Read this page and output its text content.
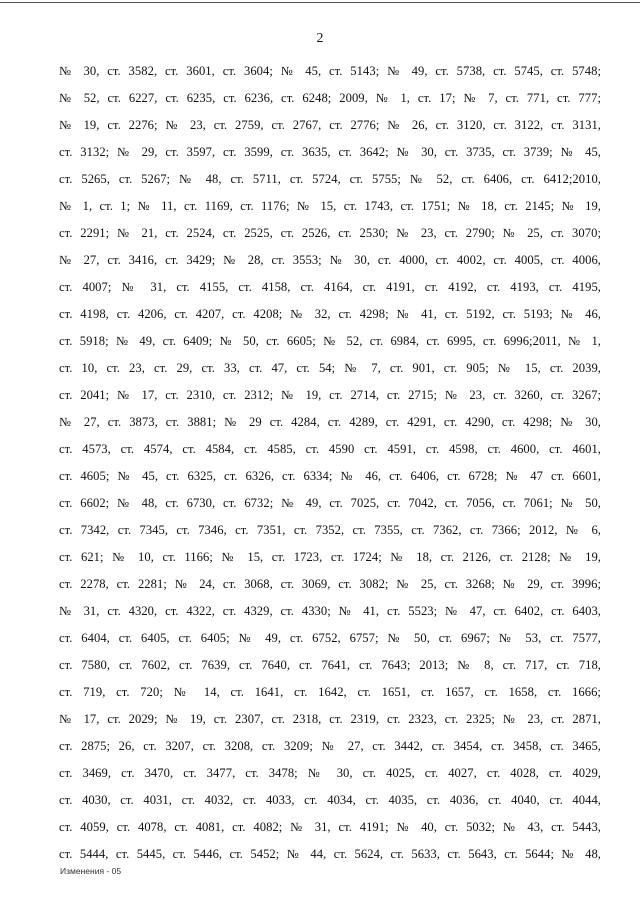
2
№ 30, ст. 3582, ст. 3601, ст. 3604; № 45, ст. 5143; № 49, ст. 5738, ст. 5745, ст. 5748;
№ 52, ст. 6227, ст. 6235, ст. 6236, ст. 6248; 2009, № 1, ст. 17; № 7, ст. 771, ст. 777;
№ 19, ст. 2276; № 23, ст. 2759, ст. 2767, ст. 2776; № 26, ст. 3120, ст. 3122, ст. 3131,
ст. 3132; № 29, ст. 3597, ст. 3599, ст. 3635, ст. 3642; № 30, ст. 3735, ст. 3739; № 45,
ст. 5265, ст. 5267; № 48, ст. 5711, ст. 5724, ст. 5755; № 52, ст. 6406, ст. 6412;2010,
№ 1, ст. 1; № 11, ст. 1169, ст. 1176; № 15, ст. 1743, ст. 1751; № 18, ст. 2145; № 19,
ст. 2291; № 21, ст. 2524, ст. 2525, ст. 2526, ст. 2530; № 23, ст. 2790; № 25, ст. 3070;
№ 27, ст. 3416, ст. 3429; № 28, ст. 3553; № 30, ст. 4000, ст. 4002, ст. 4005, ст. 4006,
ст. 4007; № 31, ст. 4155, ст. 4158, ст. 4164, ст. 4191, ст. 4192, ст. 4193, ст. 4195,
ст. 4198, ст. 4206, ст. 4207, ст. 4208; № 32, ст. 4298; № 41, ст. 5192, ст. 5193; № 46,
ст. 5918; № 49, ст. 6409; № 50, ст. 6605; № 52, ст. 6984, ст. 6995, ст. 6996;2011, № 1,
ст. 10, ст. 23, ст. 29, ст. 33, ст. 47, ст. 54; № 7, ст. 901, ст. 905; № 15, ст. 2039,
ст. 2041; № 17, ст. 2310, ст. 2312; № 19, ст. 2714, ст. 2715; № 23, ст. 3260, ст. 3267;
№ 27, ст. 3873, ст. 3881; № 29 ст. 4284, ст. 4289, ст. 4291, ст. 4290, ст. 4298; № 30,
ст. 4573, ст. 4574, ст. 4584, ст. 4585, ст. 4590 ст. 4591, ст. 4598, ст. 4600, ст. 4601,
ст. 4605; № 45, ст. 6325, ст. 6326, ст. 6334; № 46, ст. 6406, ст. 6728; № 47 ст. 6601,
ст. 6602; № 48, ст. 6730, ст. 6732; № 49, ст. 7025, ст. 7042, ст. 7056, ст. 7061; № 50,
ст. 7342, ст. 7345, ст. 7346, ст. 7351, ст. 7352, ст. 7355, ст. 7362, ст. 7366; 2012, № 6,
ст. 621; № 10, ст. 1166; № 15, ст. 1723, ст. 1724; № 18, ст. 2126, ст. 2128; № 19,
ст. 2278, ст. 2281; № 24, ст. 3068, ст. 3069, ст. 3082; № 25, ст. 3268; № 29, ст. 3996;
№ 31, ст. 4320, ст. 4322, ст. 4329, ст. 4330; № 41, ст. 5523; № 47, ст. 6402, ст. 6403,
ст. 6404, ст. 6405, ст. 6405; № 49, ст. 6752, 6757; № 50, ст. 6967; № 53, ст. 7577,
ст. 7580, ст. 7602, ст. 7639, ст. 7640, ст. 7641, ст. 7643; 2013; № 8, ст. 717, ст. 718,
ст. 719, ст. 720; № 14, ст. 1641, ст. 1642, ст. 1651, ст. 1657, ст. 1658, ст. 1666;
№ 17, ст. 2029; № 19, ст. 2307, ст. 2318, ст. 2319, ст. 2323, ст. 2325; № 23, ст. 2871,
ст. 2875; 26, ст. 3207, ст. 3208, ст. 3209; № 27, ст. 3442, ст. 3454, ст. 3458, ст. 3465,
ст. 3469, ст. 3470, ст. 3477, ст. 3478; № 30, ст. 4025, ст. 4027, ст. 4028, ст. 4029,
ст. 4030, ст. 4031, ст. 4032, ст. 4033, ст. 4034, ст. 4035, ст. 4036, ст. 4040, ст. 4044,
ст. 4059, ст. 4078, ст. 4081, ст. 4082; № 31, ст. 4191; № 40, ст. 5032; № 43, ст. 5443,
ст. 5444, ст. 5445, ст. 5446, ст. 5452; № 44, ст. 5624, ст. 5633, ст. 5643, ст. 5644; № 48,
Изменения - 05
